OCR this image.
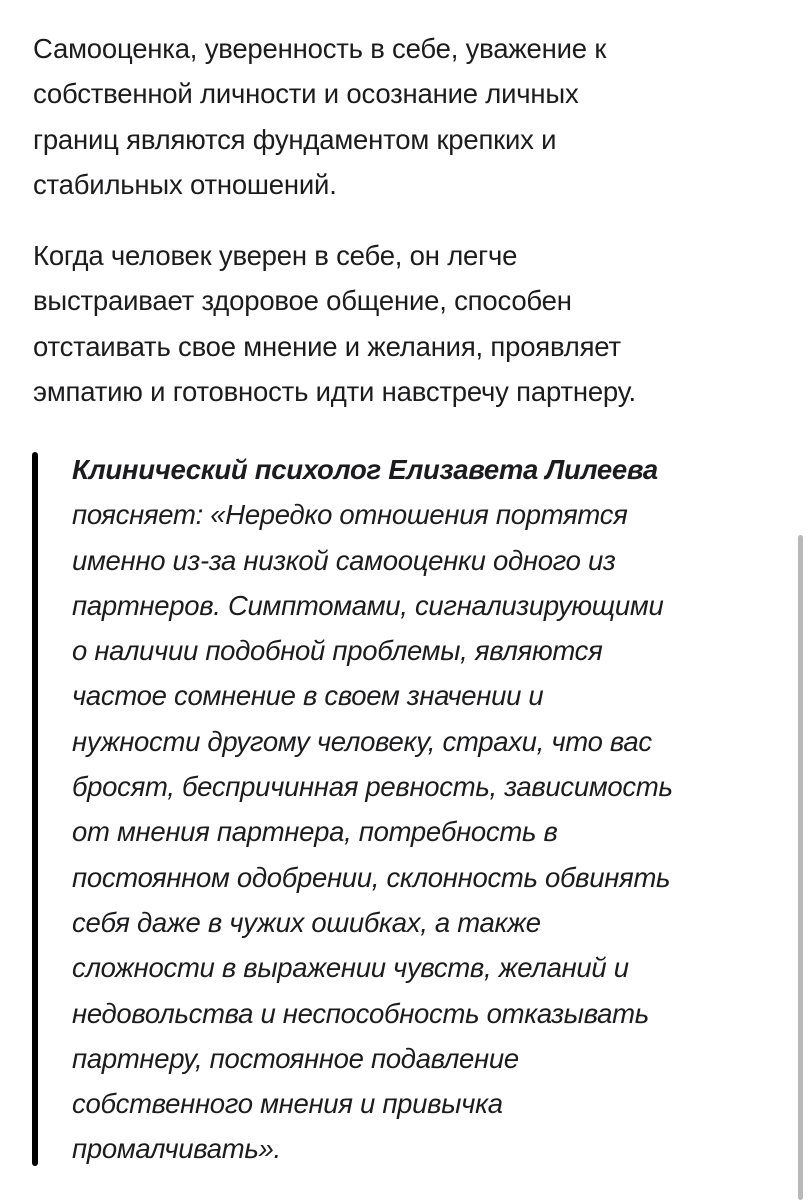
Самооценка, уверенность в себе, уважение к
собственной личности и осознание личных
границ являются фундаментом крепких и
стабильных отношений.
Когда человек уверен в себе, он легче
выстраивает здоровое общение, способен
отстаивать свое мнение и желания, проявляет
эмпатию и готовность идти навстречу партнеру.
Клинический психолог Елизавета Лилеева
поясняет: «Нередко отношения портятся
именно из-за низкой самооценки одного из
партнеров. Симптомами, сигнализирующими
о наличии подобной проблемы, являются
частое сомнение в своем значении и
нужности другому человеку, страхи, что вас
бросят, беспричинная ревность, зависимость
от мнения партнера, потребность в
постоянном одобрении, склонность обвинять
себя даже в чужих ошибках, а также
сложности в выражении чувств, желаний и
недовольства и неспособность отказывать
партнеру, постоянное подавление
собственного мнения и привычка
промалчивать».
